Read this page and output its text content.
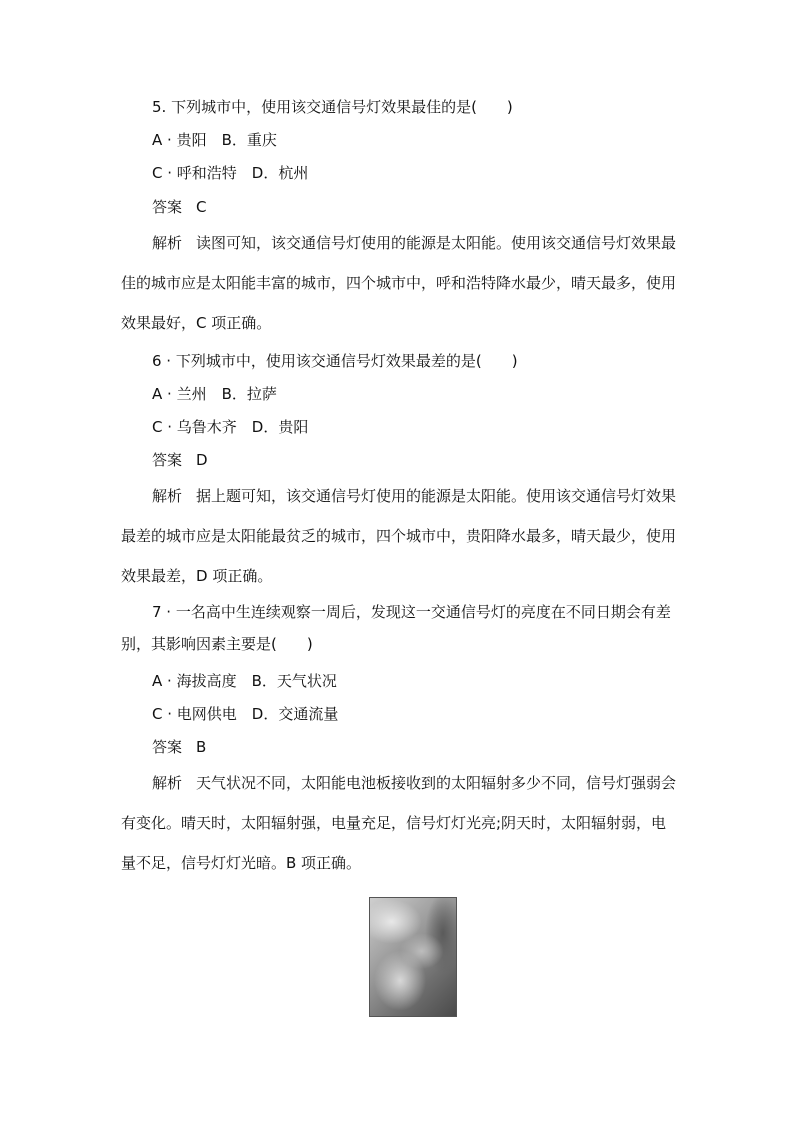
5. 下列城市中，使用该交通信号灯效果最佳的是(　　)
A · 贵阳　B．重庆
C · 呼和浩特　D．杭州
答案 C
解析 读图可知，该交通信号灯使用的能源是太阳能。使用该交通信号灯效果最佳的城市应是太阳能丰富的城市，四个城市中，呼和浩特降水最少，晴天最多，使用效果最好，C 项正确。
6 · 下列城市中，使用该交通信号灯效果最差的是(　　)
A · 兰州　B．拉萨
C · 乌鲁木齐　D．贵阳
答案 D
解析 据上题可知，该交通信号灯使用的能源是太阳能。使用该交通信号灯效果最差的城市应是太阳能最贫乏的城市，四个城市中，贵阳降水最多，晴天最少，使用效果最差，D 项正确。
7 · 一名高中生连续观察一周后，发现这一交通信号灯的亮度在不同日期会有差别，其影响因素主要是(　　)
A · 海拔高度　B．天气状况
C · 电网供电　D．交通流量
答案 B
解析 天气状况不同，太阳能电池板接收到的太阳辐射多少不同，信号灯强弱会有变化。晴天时，太阳辐射强，电量充足，信号灯灯光亮;阴天时，太阳辐射弱，电量不足，信号灯灯光暗。B 项正确。
